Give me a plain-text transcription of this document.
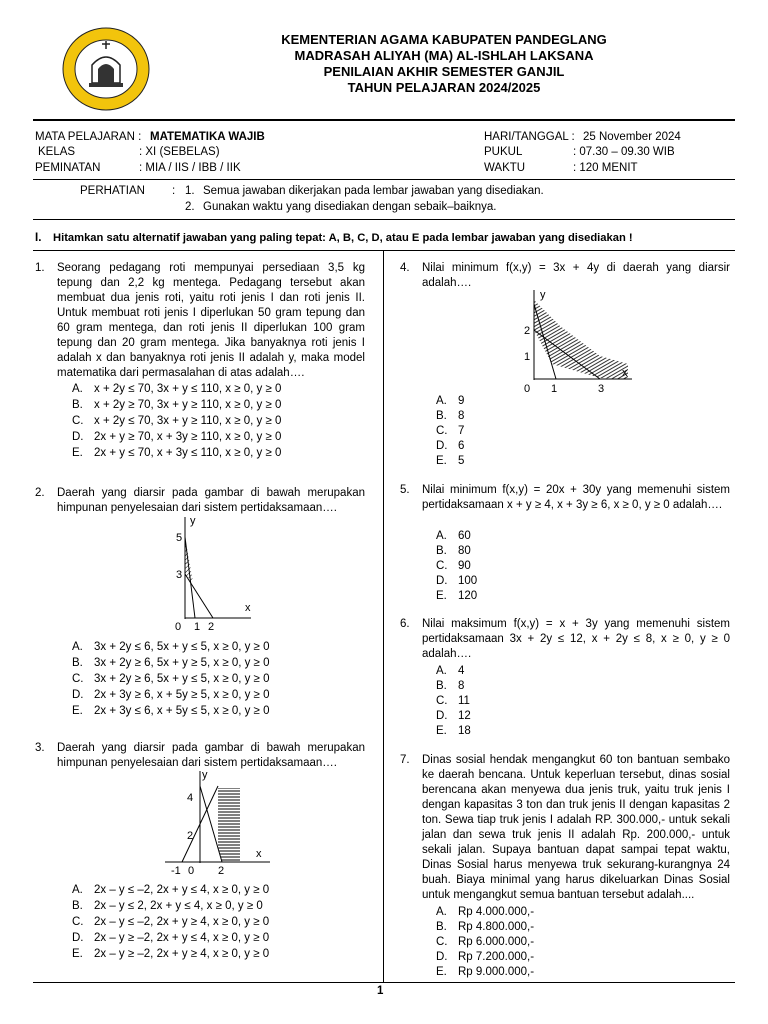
KEMENTERIAN AGAMA KABUPATEN PANDEGLANG
MADRASAH ALIYAH (MA) AL-ISHLAH LAKSANA
PENILAIAN AKHIR SEMESTER GANJIL
TAHUN PELAJARAN 2024/2025
MATA PELAJARAN : MATEMATIKA WAJIB
KELAS	: XI (SEBELAS)
PEMINATAN	: MIA / IIS / IBB / IIK
HARI/TANGGAL : 25 November 2024
PUKUL	: 07.30 – 09.30 WIB
WAKTU	: 120 MENIT
PERHATIAN : 1. Semua jawaban dikerjakan pada lembar jawaban yang disediakan.
2. Gunakan waktu yang disediakan dengan sebaik–baiknya.
I. Hitamkan satu alternatif jawaban yang paling tepat: A, B, C, D, atau E pada lembar jawaban yang disediakan !
1. Seorang pedagang roti mempunyai persediaan 3,5 kg tepung dan 2,2 kg mentega. Pedagang tersebut akan membuat dua jenis roti, yaitu roti jenis I dan roti jenis II. Untuk membuat roti jenis I diperlukan 50 gram tepung dan 60 gram mentega, dan roti jenis II diperlukan 100 gram tepung dan 20 gram mentega. Jika banyaknya roti jenis I adalah x dan banyaknya roti jenis II adalah y, maka model matematika dari permasalahan di atas adalah….
A. x + 2y ≤ 70, 3x + y ≤ 110, x ≥ 0, y ≥ 0
B. x + 2y ≥ 70, 3x + y ≥ 110, x ≥ 0, y ≥ 0
C. x + 2y ≤ 70, 3x + y ≥ 110, x ≥ 0, y ≥ 0
D. 2x + y ≥ 70, x + 3y ≥ 110, x ≥ 0, y ≥ 0
E. 2x + y ≤ 70, x + 3y ≤ 110, x ≥ 0, y ≥ 0
2. Daerah yang diarsir pada gambar di bawah merupakan himpunan penyelesaian dari sistem pertidaksamaan….
y
x
5
3
0 1 2
A. 3x + 2y ≤ 6, 5x + y ≤ 5, x ≥ 0, y ≥ 0
B. 3x + 2y ≥ 6, 5x + y ≥ 5, x ≥ 0, y ≥ 0
C. 3x + 2y ≥ 6, 5x + y ≤ 5, x ≥ 0, y ≥ 0
D. 2x + 3y ≥ 6, x + 5y ≥ 5, x ≥ 0, y ≥ 0
E. 2x + 3y ≤ 6, x + 5y ≤ 5, x ≥ 0, y ≥ 0
3. Daerah yang diarsir pada gambar di bawah merupakan himpunan penyelesaian dari sistem pertidaksamaan….
y
x
4
2
-1 0 2
A. 2x – y ≤ –2, 2x + y ≤ 4, x ≥ 0, y ≥ 0
B. 2x – y ≤ 2, 2x + y ≤ 4, x ≥ 0, y ≥ 0
C. 2x – y ≤ –2, 2x + y ≥ 4, x ≥ 0, y ≥ 0
D. 2x – y ≥ –2, 2x + y ≤ 4, x ≥ 0, y ≥ 0
E. 2x – y ≥ –2, 2x + y ≥ 4, x ≥ 0, y ≥ 0
4. Nilai minimum f(x,y) = 3x + 4y di daerah yang diarsir adalah….
y
x
2
1
0 1	3
A. 9
B. 8
C. 7
D. 6
E. 5
5. Nilai minimum f(x,y) = 20x + 30y yang memenuhi sistem pertidaksamaan x + y ≥ 4, x + 3y ≥ 6, x ≥ 0, y ≥ 0 adalah….
A. 60
B. 80
C. 90
D. 100
E. 120
6. Nilai maksimum f(x,y) = x + 3y yang memenuhi sistem pertidaksamaan 3x + 2y ≤ 12, x + 2y ≤ 8, x ≥ 0, y ≥ 0 adalah….
A. 4
B. 8
C. 11
D. 12
E. 18
7. Dinas sosial hendak mengangkut 60 ton bantuan sembako ke daerah bencana. Untuk keperluan tersebut, dinas sosial berencana akan menyewa dua jenis truk, yaitu truk jenis I dengan kapasitas 3 ton dan truk jenis II dengan kapasitas 2 ton. Sewa tiap truk jenis I adalah RP. 300.000,- untuk sekali jalan dan sewa truk jenis II adalah Rp. 200.000,- untuk sekali jalan. Supaya bantuan dapat sampai tepat waktu, Dinas Sosial harus menyewa truk sekurang-kurangnya 24 buah. Biaya minimal yang harus dikeluarkan Dinas Sosial untuk mengangkut semua bantuan tersebut adalah....
A. Rp 4.000.000,-
B. Rp 4.800.000,-
C. Rp 6.000.000,-
D. Rp 7.200.000,-
E. Rp 9.000.000,-
1
